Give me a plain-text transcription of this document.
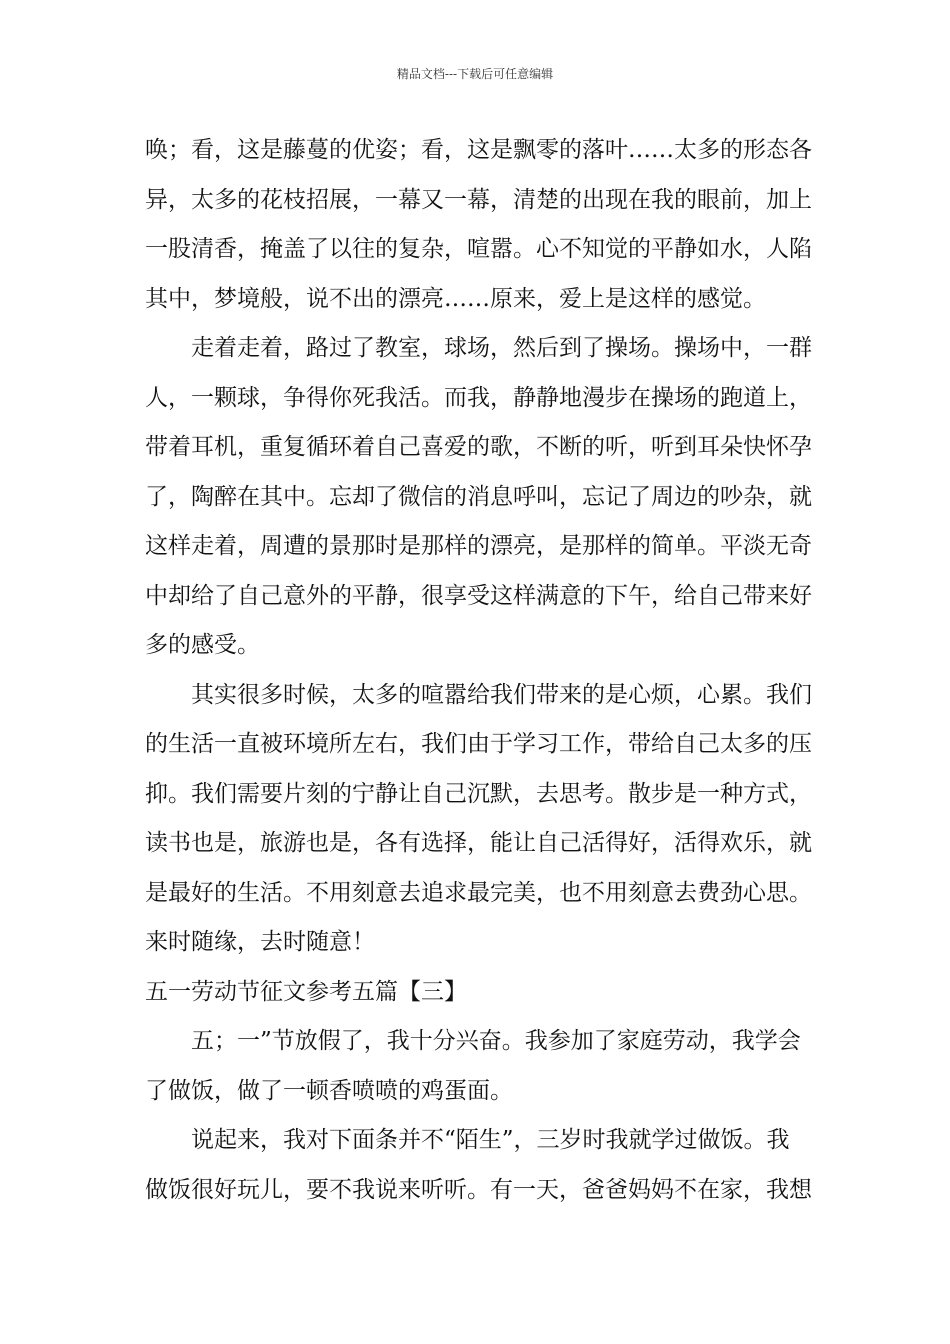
精品文档---下载后可任意编辑
唤；看，这是藤蔓的优姿；看，这是飘零的落叶……太多的形态各
异，太多的花枝招展，一幕又一幕，清楚的出现在我的眼前，加上
一股清香，掩盖了以往的复杂，喧嚣。心不知觉的平静如水，人陷
其中，梦境般，说不出的漂亮……原来，爱上是这样的感觉。
走着走着，路过了教室，球场，然后到了操场。操场中，一群
人，一颗球，争得你死我活。而我，静静地漫步在操场的跑道上，
带着耳机，重复循环着自己喜爱的歌，不断的听，听到耳朵快怀孕
了，陶醉在其中。忘却了微信的消息呼叫，忘记了周边的吵杂，就
这样走着，周遭的景那时是那样的漂亮，是那样的简单。平淡无奇
中却给了自己意外的平静，很享受这样满意的下午，给自己带来好
多的感受。
其实很多时候，太多的喧嚣给我们带来的是心烦，心累。我们
的生活一直被环境所左右，我们由于学习工作，带给自己太多的压
抑。我们需要片刻的宁静让自己沉默，去思考。散步是一种方式，
读书也是，旅游也是，各有选择，能让自己活得好，活得欢乐，就
是最好的生活。不用刻意去追求最完美，也不用刻意去费劲心思。
来时随缘，去时随意！
五一劳动节征文参考五篇【三】
五；一”节放假了，我十分兴奋。我参加了家庭劳动，我学会
了做饭，做了一顿香喷喷的鸡蛋面。
说起来，我对下面条并不“陌生”，三岁时我就学过做饭。我
做饭很好玩儿，要不我说来听听。有一天，爸爸妈妈不在家，我想
